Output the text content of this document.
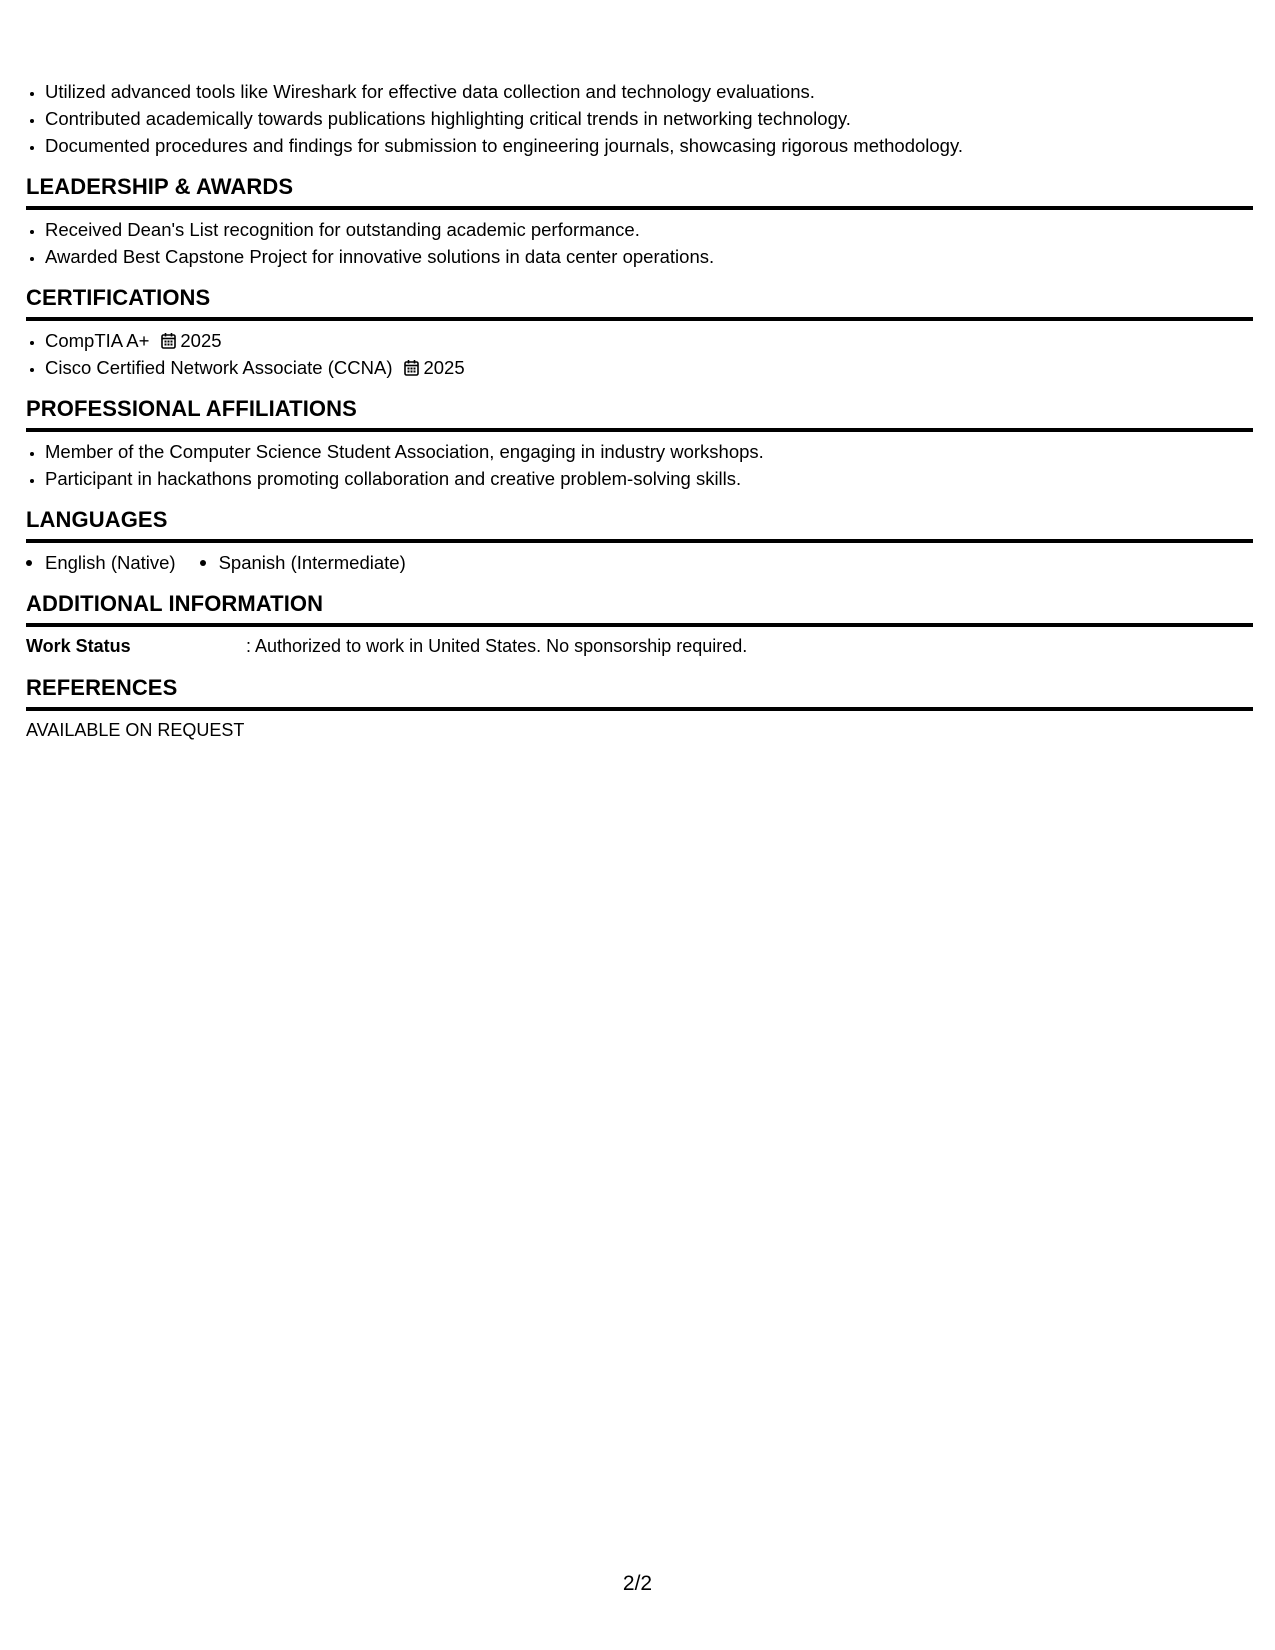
• Utilized advanced tools like Wireshark for effective data collection and technology evaluations.
• Contributed academically towards publications highlighting critical trends in networking technology.
• Documented procedures and findings for submission to engineering journals, showcasing rigorous methodology.
LEADERSHIP & AWARDS
• Received Dean's List recognition for outstanding academic performance.
• Awarded Best Capstone Project for innovative solutions in data center operations.
CERTIFICATIONS
• CompTIA A+ 2025
• Cisco Certified Network Associate (CCNA) 2025
PROFESSIONAL AFFILIATIONS
• Member of the Computer Science Student Association, engaging in industry workshops.
• Participant in hackathons promoting collaboration and creative problem-solving skills.
LANGUAGES
English (Native) Spanish (Intermediate)
ADDITIONAL INFORMATION
Work Status	: Authorized to work in United States. No sponsorship required.
REFERENCES
AVAILABLE ON REQUEST
2/2
